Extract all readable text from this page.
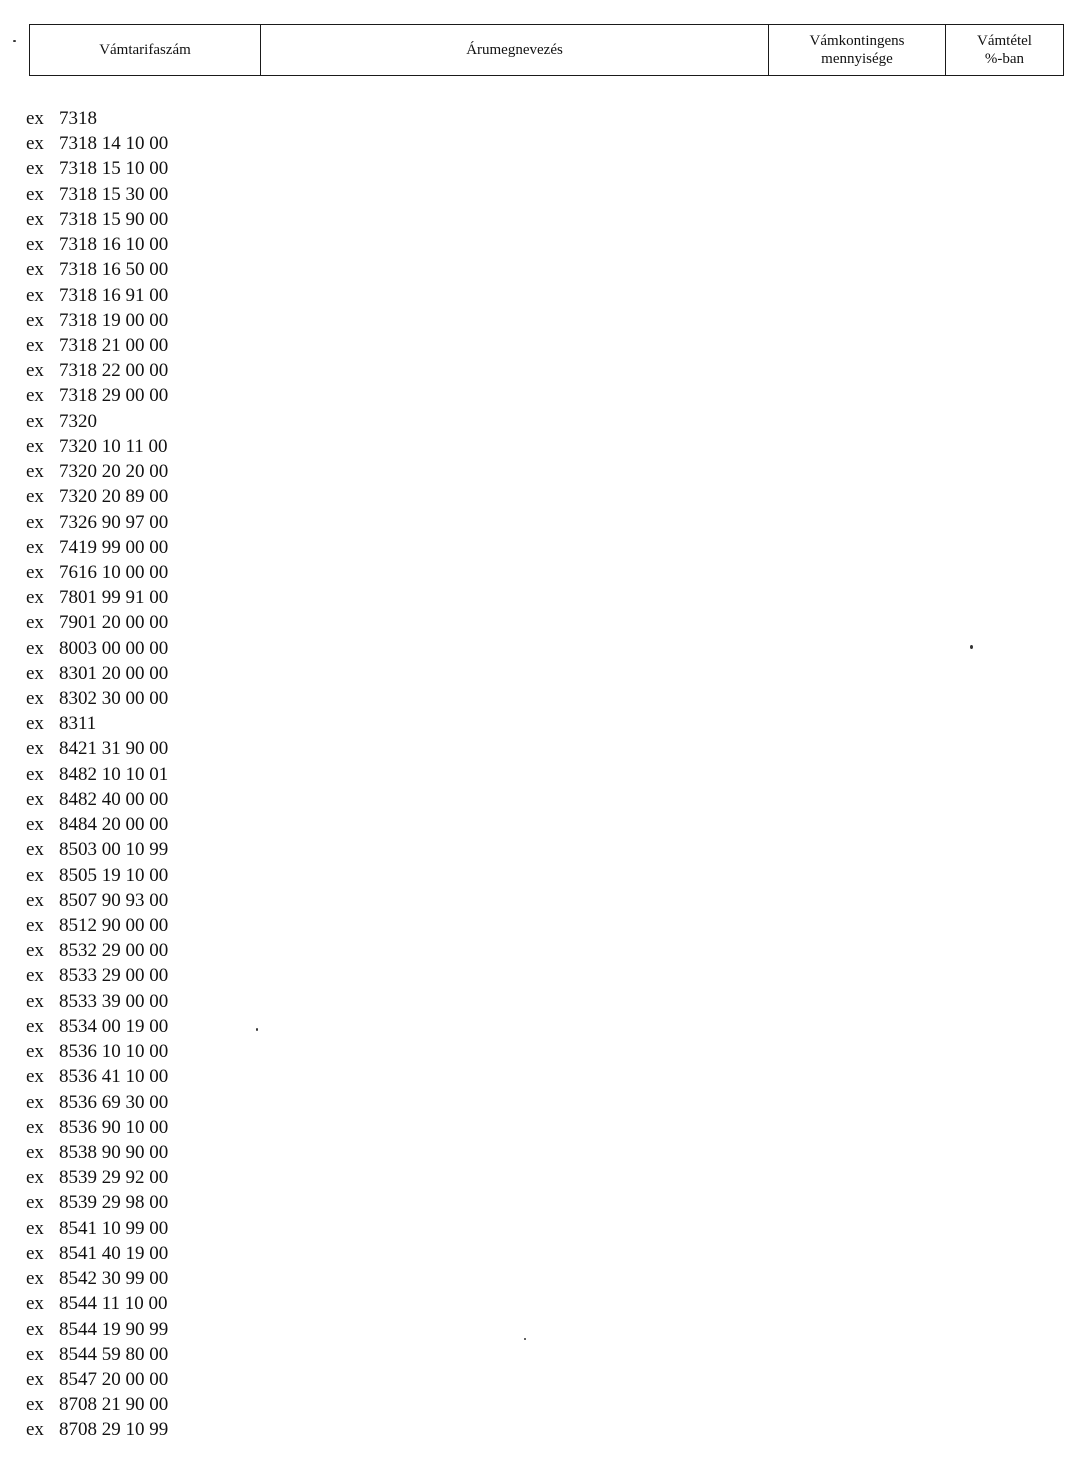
Vámtarifaszám	Árumegnevezés
Vámkontingens
mennyisége
Vámtétel
%-ban
ex 7318
ex 7318 14 10 00
ex 7318 15 10 00
ex 7318 15 30 00
ex 7318 15 90 00
ex 7318 16 10 00
ex 7318 16 50 00
ex 7318 16 91 00
ex 7318 19 00 00
ex 7318 21 00 00
ex 7318 22 00 00
ex 7318 29 00 00
ex 7320
ex 7320 10 11 00
ex 7320 20 20 00
ex 7320 20 89 00
ex 7326 90 97 00
ex 7419 99 00 00
ex 7616 10 00 00
ex 7801 99 91 00
ex 7901 20 00 00
ex 8003 00 00 00
ex 8301 20 00 00
ex 8302 30 00 00
ex 8311
ex 8421 31 90 00
ex 8482 10 10 01
ex 8482 40 00 00
ex 8484 20 00 00
ex 8503 00 10 99
ex 8505 19 10 00
ex 8507 90 93 00
ex 8512 90 00 00
ex 8532 29 00 00
ex 8533 29 00 00
ex 8533 39 00 00
ex 8534 00 19 00
ex 8536 10 10 00
ex 8536 41 10 00
ex 8536 69 30 00
ex 8536 90 10 00
ex 8538 90 90 00
ex 8539 29 92 00
ex 8539 29 98 00
ex 8541 10 99 00
ex 8541 40 19 00
ex 8542 30 99 00
ex 8544 11 10 00
ex 8544 19 90 99
ex 8544 59 80 00
ex 8547 20 00 00
ex 8708 21 90 00
ex 8708 29 10 99
